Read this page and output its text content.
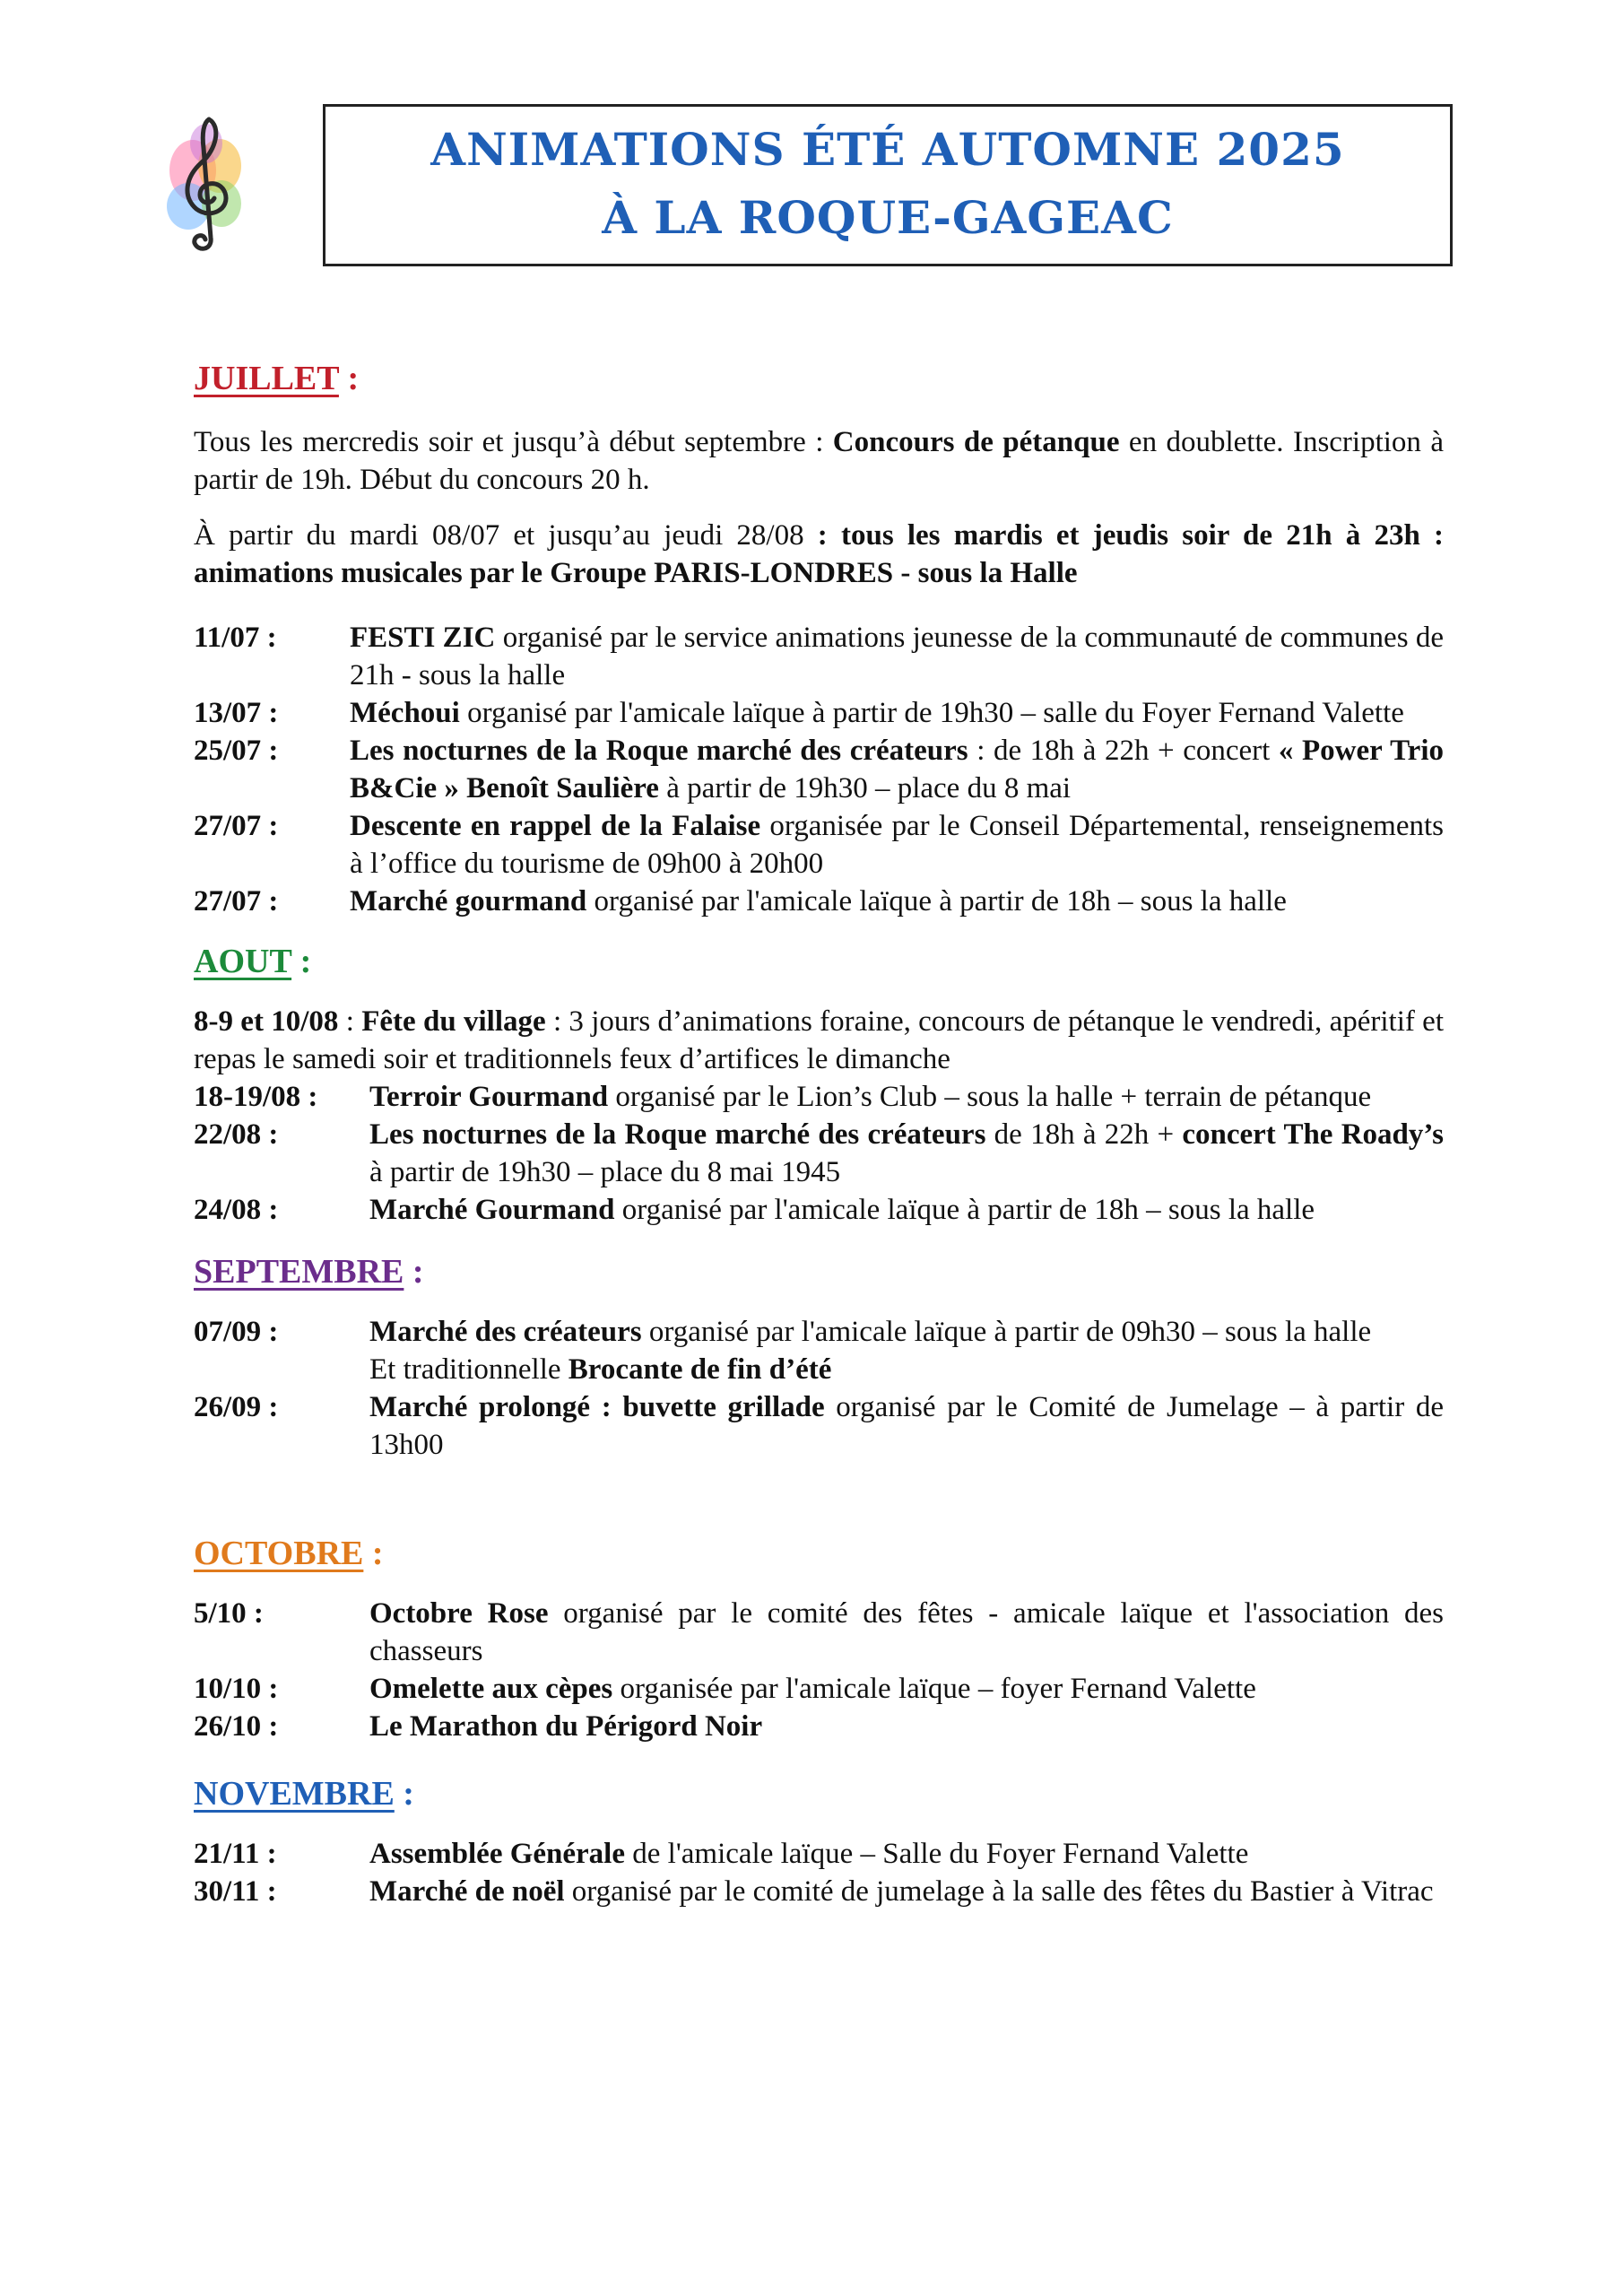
ANIMATIONS ÉTÉ AUTOMNE 2025
À LA ROQUE-GAGEAC

JUILLET :

Tous les mercredis soir et jusqu’à début septembre : Concours de pétanque en doublette. Inscription à partir de 19h. Début du concours 20 h.

À partir du mardi 08/07 et jusqu’au jeudi 28/08 : tous les mardis et jeudis soir de 21h à 23h : animations musicales par le Groupe PARIS-LONDRES - sous la Halle

11/07 :	FESTI ZIC organisé par le service animations jeunesse de la communauté de communes de 21h - sous la halle
13/07 :	Méchoui organisé par l'amicale laïque à partir de 19h30 – salle du Foyer Fernand Valette
25/07 :	Les nocturnes de la Roque marché des créateurs : de 18h à 22h + concert « Power Trio B&Cie » Benoît Saulière à partir de 19h30 – place du 8 mai
27/07 :	Descente en rappel de la Falaise organisée par le Conseil Départemental, renseignements à l’office du tourisme de 09h00 à 20h00
27/07 :	Marché gourmand organisé par l'amicale laïque à partir de 18h – sous la halle

AOUT :

8-9 et 10/08 : Fête du village : 3 jours d’animations foraine, concours de pétanque le vendredi, apéritif et repas le samedi soir et traditionnels feux d’artifices le dimanche
18-19/08 :	Terroir Gourmand organisé par le Lion’s Club – sous la halle + terrain de pétanque
22/08 :	Les nocturnes de la Roque marché des créateurs de 18h à 22h + concert The Roady’s à partir de 19h30 – place du 8 mai 1945
24/08 :	Marché Gourmand organisé par l'amicale laïque à partir de 18h – sous la halle

SEPTEMBRE :

07/09 :	Marché des créateurs organisé par l'amicale laïque à partir de 09h30 – sous la halle
Et traditionnelle Brocante de fin d’été
26/09 :	Marché prolongé : buvette grillade organisé par le Comité de Jumelage – à partir de 13h00

OCTOBRE :

5/10 :	Octobre Rose organisé par le comité des fêtes - amicale laïque et l'association des chasseurs
10/10 :	Omelette aux cèpes organisée par l'amicale laïque – foyer Fernand Valette
26/10 :	Le Marathon du Périgord Noir

NOVEMBRE :

21/11 :	Assemblée Générale de l'amicale laïque – Salle du Foyer Fernand Valette
30/11 :	Marché de noël organisé par le comité de jumelage à la salle des fêtes du Bastier à Vitrac
